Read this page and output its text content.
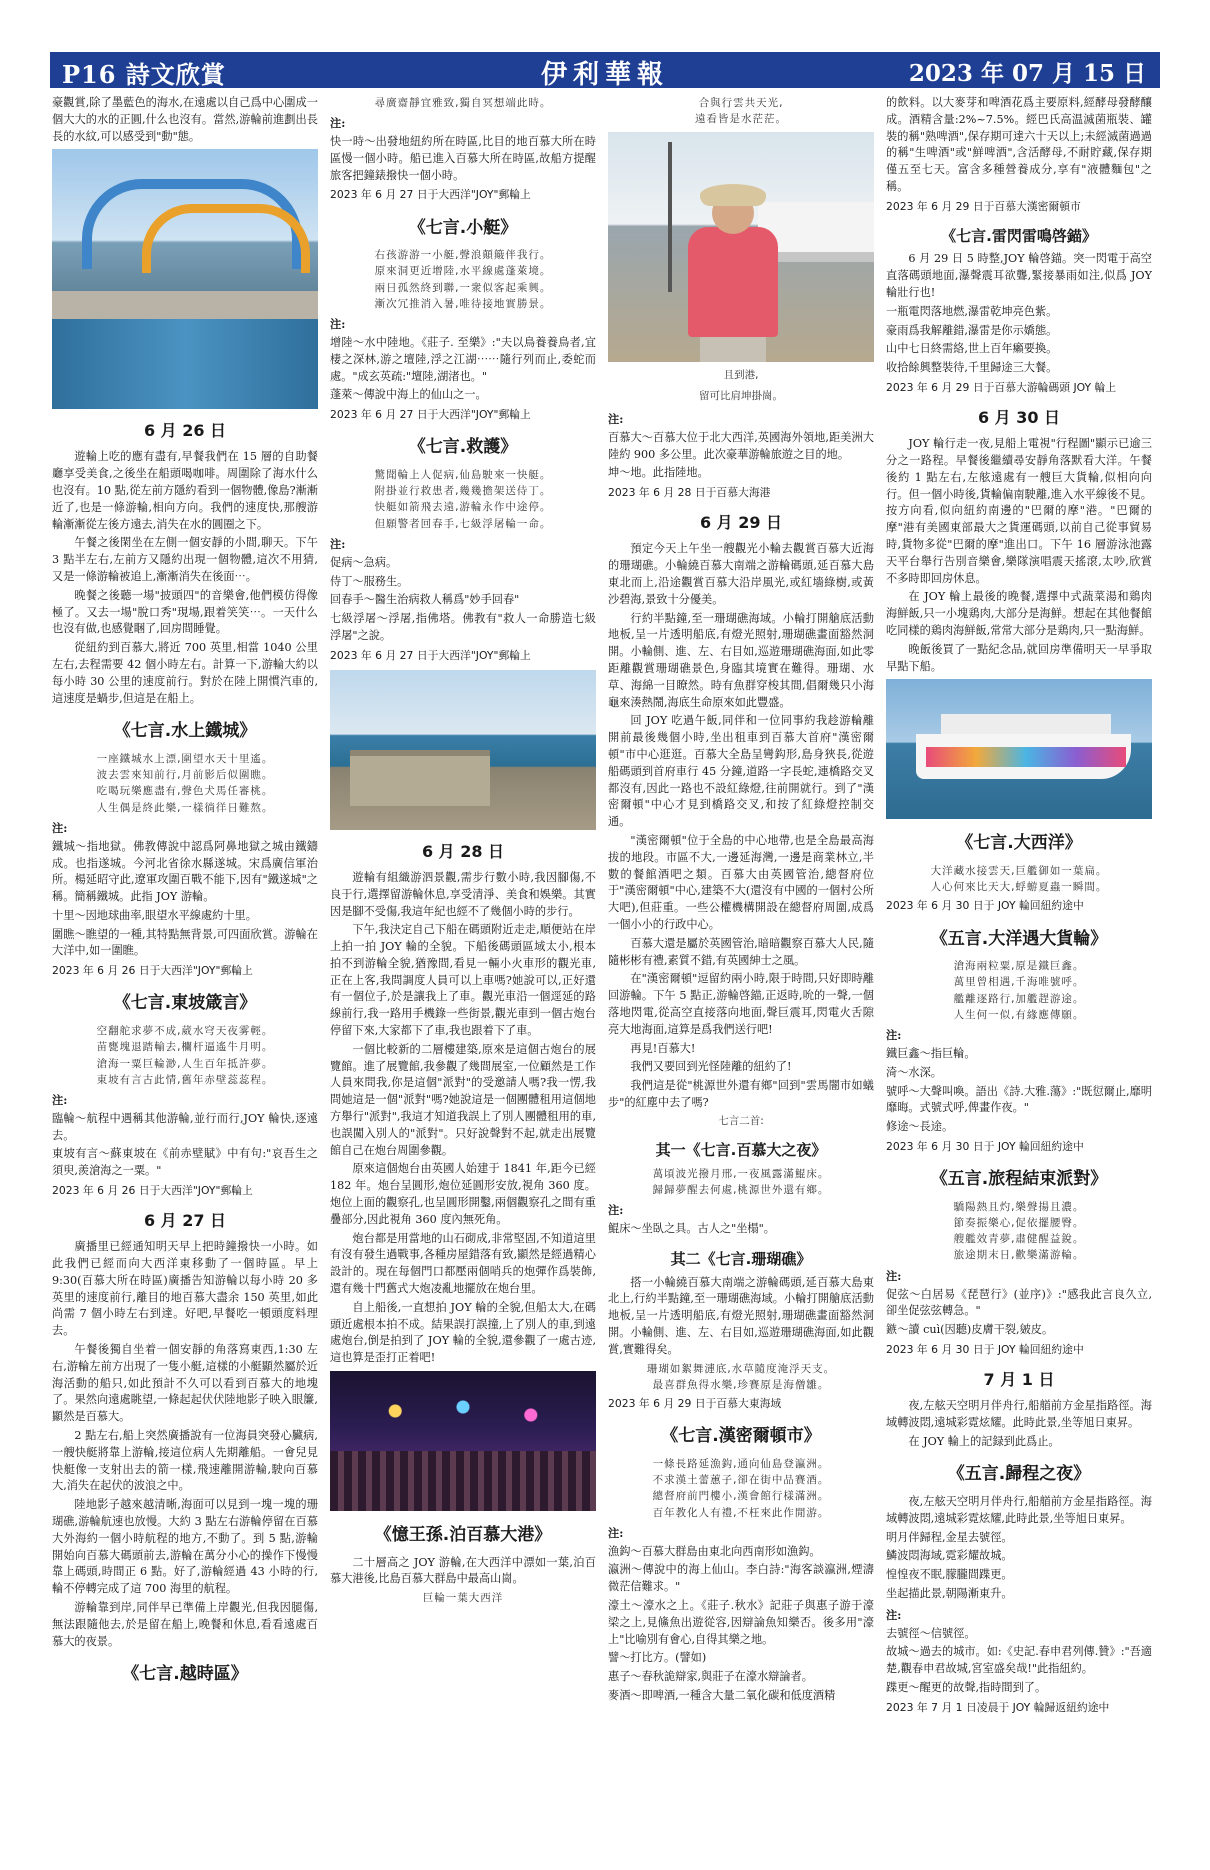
P16 詩文欣賞	伊利華報	2023 年 07 月 15 日

豪觀賞,除了墨藍色的海水,在遠處以自己爲中心圍成一個大大的水的正圓,什么也沒有。當然,游輪前進劃出長長的水紋,可以感受到"動"態。

6 月 26 日

遊輪上吃的應有盡有,早餐我們在 15 層的自助餐廳享受美食,之後坐在船頭喝咖啡。周圍除了海水什么也沒有。10 點,從左前方隱約看到一個物體,像島?漸漸近了,也是一條游輪,相向方向。我們的速度快,那艘游輪漸漸從左後方遠去,消失在水的圓圈之下。

午餐之後閑坐在左側一個安靜的小間,聊天。下午 3 點半左右,左前方又隱約出現一個物體,這次不用猜,又是一條游輪被追上,漸漸消失在後面⋯。

晚餐之後聽一場"披頭四"的音樂會,他們模仿得像極了。又去一場"脫口秀"現場,跟着笑笑⋯。一天什么也沒有做,也感覺睏了,回房間睡覺。

從紐約到百慕大,將近 700 英里,相當 1040 公里左右,去程需要 42 個小時左右。計算一下,游輪大約以每小時 30 公里的速度前行。對於在陸上開慣汽車的,這速度是蝸步,但這是在船上。

《七言.水上鐵城》

一座鐵城水上漂,圍望水天十里遙。

波去雲來知前行,月前影后似圍瞧。

吃喝玩樂應盡有,聲色犬馬任審桃。

人生偶是終此樂,一樣徜徉日難熬。

注:

鐵城～指地獄。佛教傳說中認爲阿鼻地獄之城由鐵鑄成。也指遂城。今河北省徐水縣遂城。宋爲廣信軍治所。楊延昭守此,遼軍攻圍百戰不能下,因有"鐵遂城"之稱。簡稱鐵城。此指 JOY 游輪。

十里～因地球曲率,眼望水平線處約十里。

圍瞧～瞧望的一種,其特點無背景,可四面欣賞。游輪在大洋中,如一圍瞧。

2023 年 6 月 26 日于大西洋"JOY"郵輪上

《七言.東坡箴言》

空翻舵求夢不成,葳水穹天夜雾輕。

苗甕塊退踏輸去,欄杆逼遙牛月明。

滄海一粟巨輪渺,人生百年抵許夢。

東坡有言古此情,舊年赤壁蕊蕊程。

注:

臨輪～航程中遇稱其他游輪,並行而行,JOY 輪快,逐遠去。

東坡有言～蘇東坡在《前赤壁賦》中有句:"哀吾生之須臾,羨滄海之一粟。"

2023 年 6 月 26 日于大西洋"JOY"郵輪上

6 月 27 日

廣播里已經通知明天早上把時鐘撥快一小時。如此我們已經而向大西洋東移動了一個時區。早上 9:30(百慕大所在時區)廣播告知游輪以每小時 20 多英里的速度前行,離目的地百慕大盡余 150 英里,如此尚需 7 個小時左右到達。好吧,早餐吃一頓頭度料理去。

午餐後獨自坐着一個安靜的角落寫東西,1:30 左右,游輪左前方出現了一隻小艇,這樣的小艇顯然屬於近海活動的船只,如此預計不久可以看到百慕大的地塊了。果然向遠處眺望,一條起起伏伏陸地影子映入眼簾,顯然是百慕大。

2 點左右,船上突然廣播說有一位海員突發心臟病,一艘快艇將靠上游輪,接這位病人先期離船。一會兒見快艇像一支射出去的箭一樣,飛速離開游輪,駛向百慕大,消失在起伏的波浪之中。

陸地影子越來越清晰,海面可以見到一塊一塊的珊瑚礁,游輪航速也放慢。大約 3 點左右游輪停留在百慕大外海約一個小時航程的地方,不動了。到 5 點,游輪開始向百慕大碼頭前去,游輪在萬分小心的操作下慢慢靠上碼頭,時間正 6 點。好了,游輪經過 43 小時的行,輪不停轉完成了這 700 海里的航程。

游輪靠到岸,同伴早已準備上岸觀光,但我因腿傷,無法跟隨他去,於是留在船上,晚餐和休息,看看遠處百慕大的夜景。

《七言.越時區》

尋廣齋靜宜雅致,獨自冥想端此時。

注:

快一時～出發地紐約所在時區,比目的地百慕大所在時區慢一個小時。船已進入百慕大所在時區,故船方提醒旅客把鐘錶撥快一個小時。

2023 年 6 月 27 日于大西洋"JOY"郵輪上

《七言.小艇》

右孩游游一小艇,聲浪顛簸伴我行。

原來洞更近增陸,水平線處蓬萊境。

兩日孤然終到聯,一衆似客起乘興。

漸次冗推消入暑,唯待接地實勝景。

注:

增陸～水中陸地。《莊子. 至樂》:"夫以鳥養養鳥者,宜棲之深林,游之壇陸,浮之江湖⋯⋯隨行列而止,委蛇而處。"成玄英疏:"壇陸,湖渚也。"

蓬萊～傳說中海上的仙山之一。

2023 年 6 月 27 日于大西洋"JOY"郵輪上

《七言.救護》

驚聞輪上人促病,仙島駛來一快艇。

附掛並行救患者,幾幾擔架送侍丁。

快艇如箭飛去遠,游輪永作中途停。

但願警者回春手,七級浮屠輪一命。

注:

促病～急病。

侍丁～服務生。

回春手～醫生治病救人稱爲"妙手回春"

七級浮屠～浮屠,指佛塔。佛教有"救人一命勝造七級浮屠"之說。

2023 年 6 月 27 日于大西洋"JOY"郵輪上

6 月 28 日

遊輪有組織游泗景觀,需步行數小時,我因腳傷,不良于行,選擇留游輪休息,享受清淨、美食和娛樂。其實因是腳不受傷,我這年紀也經不了幾個小時的步行。

下午,我決定自己下船在碼頭附近走走,順便站在岸上拍一拍 JOY 輪的全貌。下船後碼頭區域太小,根本拍不到游輪全貌,猶豫間,看見一輛小火車形的觀光車,正在上客,我問調度人員可以上車嗎?她說可以,正好還有一個位子,於是讓我上了車。觀光車沿一個逕延的路線前行,我一路用手機錄一些街景,觀光車到一個古炮台停留下來,大家都下了車,我也跟着下了車。

一個比較新的二層樓建築,原來是這個古炮台的展覽館。進了展覽館,我參觀了幾間展室,一位顧然是工作人員來問我,你是這個"派對"的受邀請人嗎?我一愣,我問她這是一個"派對"嗎?她說這是一個團體租用這個地方舉行"派對",我這才知道我誤上了別人團體租用的車,也誤闖入別人的"派對"。只好說聲對不起,就走出展覽館自己在炮台周圍參觀。

原來這個炮台由英國人始建于 1841 年,距今已經 182 年。炮台呈圓形,炮位延圓形安放,視角 360 度。炮位上面的觀察孔,也呈圓形開鑿,兩個觀察孔之間有重疊部分,因此視角 360 度內無死角。

炮台都是用當地的山石砌成,非常堅固,不知道這里有沒有發生過戰事,各種房屋錯落有致,顯然是經過精心設計的。現在每個門口都壓兩個哨兵的炮彈作爲裝飾,還有幾十門舊式大炮凌亂地擺放在炮台里。

自上船後,一直想拍 JOY 輪的全貌,但船太大,在碼頭近處根本拍不成。結果誤打誤撞,上了別人的車,到遠處炮台,倒是拍到了 JOY 輪的全貌,還參觀了一處古迹,這也算是歪打正着吧!

《憶王孫.泊百慕大港》

二十層高之 JOY 游輪,在大西洋中漂如一葉,泊百慕大港後,比島百慕大群島中最高山崗。

巨輪一葉大西洋

合與行雲共天光,

遠看皆是水茫茫。

且到港,

留可比肩坤掛崗。

注:

百慕大～百慕大位于北大西洋,英國海外領地,距美洲大陸約 900 多公里。此次豪華游輪旅遊之目的地。

坤～地。此指陸地。

2023 年 6 月 28 日于百慕大海港

6 月 29 日

預定今天上午坐一艘觀光小輪去觀賞百慕大近海的珊瑚礁。小輪繞百慕大南端之游輪碼頭,延百慕大島東北而上,沿途觀賞百慕大沿岸風光,或紅墻綠樹,或黃沙碧海,景致十分優美。

行約半點鐘,至一珊瑚礁海域。小輪打開艙底活動地板,呈一片透明船底,有燈光照射,珊瑚礁畫面豁然洞開。小輪側、進、左、右目如,巡遊珊瑚礁海面,如此零距離觀賞珊瑚礁景色,身臨其境實在難得。珊瑚、水草、海綿一目瞭然。時有魚群穿梭其間,倡爾幾只小海龜來湊熱鬧,海底生命原來如此豐盛。

回 JOY 吃過午飯,同伴和一位同事約我趁游輪離開前最後幾個小時,坐出租車到百慕大首府"漢密爾頓"市中心逛逛。百慕大全島呈彎鈎形,島身狹長,從遊船碼頭到首府車行 45 分鐘,道路一字長蛇,連橋路交叉都沒有,因此一路也不設紅綠燈,往前開就行。到了"漢密爾頓"中心才見到橋路交叉,和按了紅綠燈控制交通。

"漢密爾頓"位于全島的中心地帶,也是全島最高海拔的地段。市區不大,一邊延海灣,一邊是商業林立,半數的餐館酒吧之類。百慕大由英國管治,總督府位于"漢密爾頓"中心,建築不大(還沒有中國的一個村公所大吧),但莊重。一些公權機構開設在總督府周圍,成爲一個小小的行政中心。

百慕大還是屬於英國管治,暗暗觀察百慕大人民,隨隨彬彬有禮,素質不錯,有英國紳士之風。

在"漢密爾頓"逗留約兩小時,限于時間,只好即時離回游輪。下午 5 點正,游輪啓錨,正返時,吮的一聲,一個落地閃電,從高空直接落向地面,聲巨震耳,閃電火舌隙亮大地海面,這算是爲我們送行吧!

再見!百慕大!

我們又要回到光怪陸離的紐約了!

我們這是從"桃源世外還有鄉"回到"雲馬闇市如蟻步"的紅塵中去了嗎?

七言二首:

其一《七言.百慕大之夜》

萬頃波光撥月邢,一夜風露滿鯤床。

歸歸夢醒去何處,桃源世外還有鄉。

注:

鯤床～坐臥之具。古人之"坐榻"。

其二《七言.珊瑚礁》

搭一小輪繞百慕大南端之游輪碼頭,延百慕大島東北上,行約半點鐘,至一珊瑚礁海域。小輪打開艙底活動地板,呈一片透明船底,有燈光照射,珊瑚礁畫面豁然洞開。小輪側、進、左、右目如,巡遊珊瑚礁海面,如此觀賞,實難得矣。

珊瑚如絮舞漣底,水草隨度淹浮天支。

最喜群魚得水樂,珍賽原是海僧雛。

2023 年 6 月 29 日于百慕大東海域

《七言.漢密爾頓市》

一條長路延漁鈎,通向仙島登瀛洲。

不求漢土蕾蕙子,卻在街中品賽酒。

總督府前門樓小,漢會館行樣滿洲。

百年教化人有禮,不枉來此作閒游。

注:

漁鈎～百慕大群島由東北向西南形如漁鈎。

瀛洲～傳說中的海上仙山。李白詩:"海客談瀛洲,煙濤微茫信難求。"

濠土～濠水之上。《莊子.秋水》記莊子與惠子游于濠梁之上,見鯈魚出遊從容,因辯論魚知樂否。後多用"濠上"比喻別有會心,自得其樂之地。

譬～打比方。(譬如)

惠子～春秋詭辯家,與莊子在濠水辯論者。

麥酒～即啤酒,一種含大量二氧化碳和低度酒精

的飲料。以大麥芽和啤酒花爲主要原料,經酵母發酵釀成。酒精含量:2%~7.5%。經巴氏高温滅菌瓶裝、罐裝的稱"熟啤酒",保存期可達六十天以上;未經滅菌過過的稱"生啤酒"或"鮮啤酒",含活酵母,不耐貯藏,保存期僅五至七天。富含多種營養成分,享有"液體麵包"之稱。

2023 年 6 月 29 日于百慕大漢密爾頓市

《七言.雷閃雷鳴啓錨》

6 月 29 日 5 時整,JOY 輪啓錨。突一閃電于高空直落碼頭地面,瀑聲震耳欲聾,緊接暴雨如注,似爲 JOY 輪壯行也!

一瓶電閃落地燃,瀑雷乾坤亮色紫。

豪雨爲我解離錯,瀑雷是你示嬌態。

山中七日終需絡,世上百年癩要換。

收拾餘興整裝待,千里歸途三大餐。

2023 年 6 月 29 日于百慕大游輪碼頭 JOY 輪上

6 月 30 日

JOY 輪行走一夜,見船上電視"行程圖"顯示已逾三分之一路程。早餐後繼續尋安靜角落默看大洋。午餐後約 1 點左右,左舷遠處有一艘巨大貨輪,似相向向行。但一個小時後,貨輪偏南駛離,進入水平線後不見。按方向看,似向紐約南邊的"巴爾的摩"港。"巴爾的摩"港有美國東部最大之貨運碼頭,以前自己從事貿易時,貨物多從"巴爾的摩"進出口。下午 16 層游泳池露天平台舉行告別音樂會,樂隊演唱震天搖滾,太吵,欣賞不多時即回房休息。

在 JOY 輪上最後的晚餐,選擇中式蔬菜湯和鶏肉海鮮飯,只一小塊鶏肉,大部分是海鮮。想起在其他餐館吃同樣的鶏肉海鮮飯,常常大部分是鶏肉,只一點海鮮。

晚飯後買了一點紀念品,就回房準備明天一早爭取早點下船。

《七言.大西洋》

大洋藏水接雲天,巨艦御如一葉扁。

人心何來比天大,蜉蝣夏蟲一瞬間。

2023 年 6 月 30 日于 JOY 輪回紐約途中

《五言.大洋遇大貨輪》

滄海兩粒粟,原是鐵巨鑫。

萬里曾相遇,千海唯號呼。

艦離逐路行,加艦趕游途。

人生何一似,有緣應傳願。

注:

鐵巨鑫～指巨輪。

渏～水深。

號呼～大聲叫喚。語出《詩.大雅.蕩》:"既愆爾止,靡明靡晦。式號式呼,俾畫作夜。"

修途～長途。

2023 年 6 月 30 日于 JOY 輪回紐約途中

《五言.旅程結束派對》

驕陽熱且灼,樂聲揚且濃。

節奏振樂心,促依擺腰臀。

艘艦效青夢,肅健醒益銳。

旅途期末日,歡樂滿游輪。

注:

促弦～白居易《琵琶行》(並序)》:"感我此言良久立,卻坐促弦弦轉急。"

鏃～讀 cuì(因聽)皮膚干裂,皴皮。

2023 年 6 月 30 日于 JOY 輪回紐約途中

7 月 1 日

夜,左舷天空明月伴舟行,船艏前方金星指路徑。海域轉波悶,遠城彩霓炫耀。此時此景,坐等旭日東昇。

在 JOY 輪上的記録到此爲止。

《五言.歸程之夜》

夜,左舷天空明月伴舟行,船艏前方金星指路徑。海域轉波悶,遠城彩霓炫耀,此時此景,坐等旭日東昇。

明月伴歸程,金星去號徑。

鱗波悶海域,霓彩耀故城。

惶惶夜不眠,朦朧間蹀更。

坐起描此景,朝陽漸東升。

注:

去號徑～信號徑。

故城～過去的城市。如:《史記.春申君列傳.贊》:"吾適楚,觀春申君故城,宮室盛矣哉!"此指紐約。

蹀更～醒更的故聲,指時間到了。

2023 年 7 月 1 日凌晨于 JOY 輪歸返紐約途中
